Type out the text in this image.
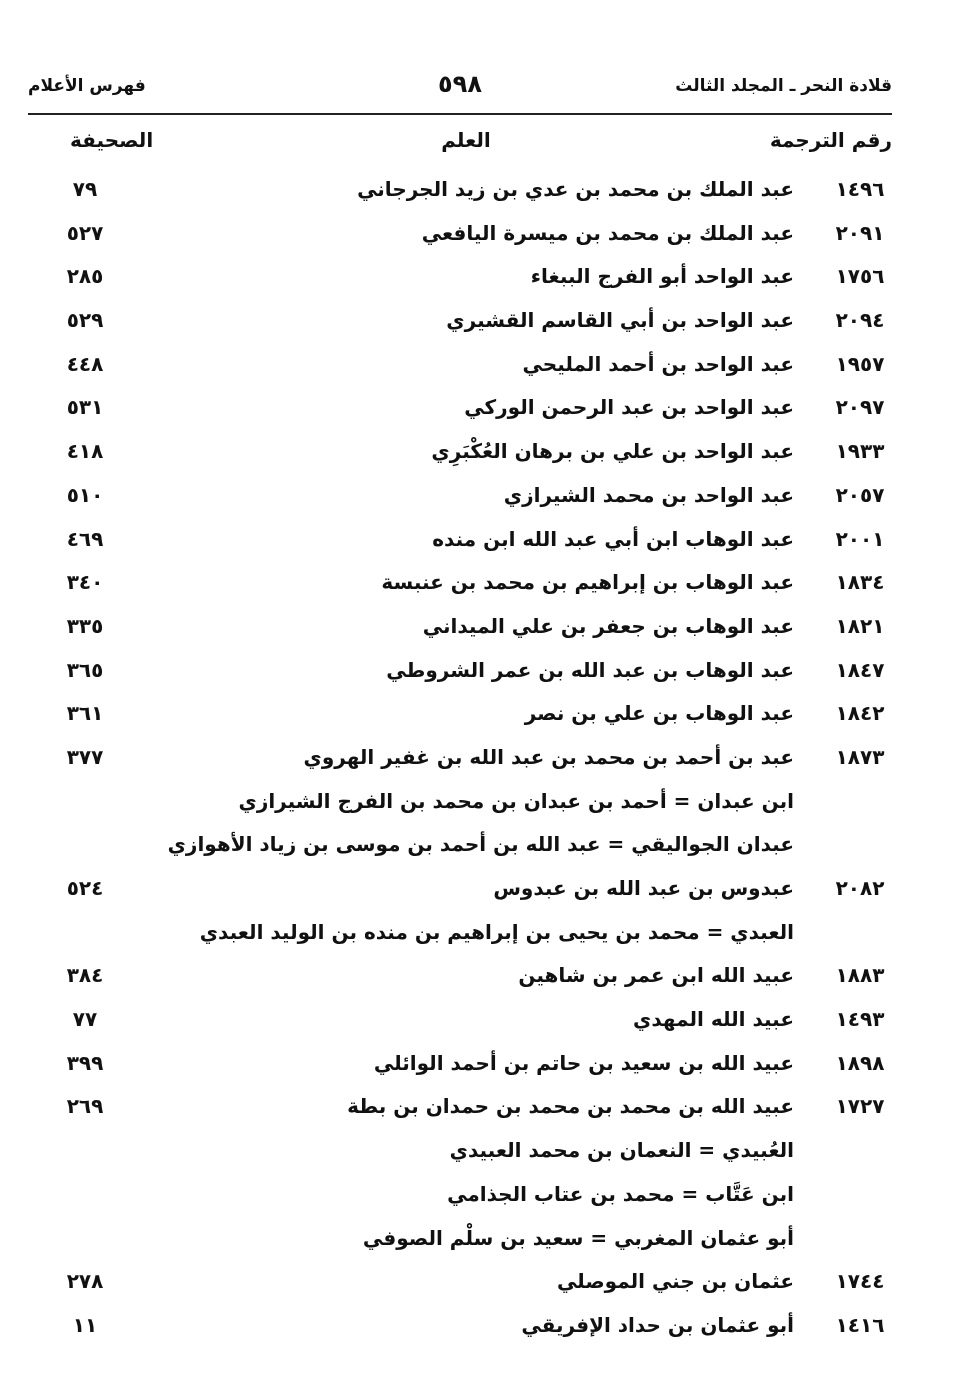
قلادة النحر ـ المجلد الثالث
٥٩٨
فهرس الأعلام
رقم الترجمة
العلم
الصحيفة
١٤٩٦
عبد الملك بن محمد بن عدي بن زيد الجرجاني
٧٩
٢٠٩١
عبد الملك بن محمد بن ميسرة اليافعي
٥٢٧
١٧٥٦
عبد الواحد أبو الفرج الببغاء
٢٨٥
٢٠٩٤
عبد الواحد بن أبي القاسم القشيري
٥٢٩
١٩٥٧
عبد الواحد بن أحمد المليحي
٤٤٨
٢٠٩٧
عبد الواحد بن عبد الرحمن الوركي
٥٣١
١٩٣٣
عبد الواحد بن علي بن برهان العُكْبَرِي
٤١٨
٢٠٥٧
عبد الواحد بن محمد الشيرازي
٥١٠
٢٠٠١
عبد الوهاب ابن أبي عبد الله ابن منده
٤٦٩
١٨٣٤
عبد الوهاب بن إبراهيم بن محمد بن عنبسة
٣٤٠
١٨٢١
عبد الوهاب بن جعفر بن علي الميداني
٣٣٥
١٨٤٧
عبد الوهاب بن عبد الله بن عمر الشروطي
٣٦٥
١٨٤٢
عبد الوهاب بن علي بن نصر
٣٦١
١٨٧٣
عبد بن أحمد بن محمد بن عبد الله بن غفير الهروي
٣٧٧
ابن عبدان = أحمد بن عبدان بن محمد بن الفرج الشيرازي
عبدان الجواليقي = عبد الله بن أحمد بن موسى بن زياد الأهوازي
٢٠٨٢
عبدوس بن عبد الله بن عبدوس
٥٢٤
العبدي = محمد بن يحيى بن إبراهيم بن منده بن الوليد العبدي
١٨٨٣
عبيد الله ابن عمر بن شاهين
٣٨٤
١٤٩٣
عبيد الله المهدي
٧٧
١٨٩٨
عبيد الله بن سعيد بن حاتم بن أحمد الوائلي
٣٩٩
١٧٢٧
عبيد الله بن محمد بن محمد بن حمدان بن بطة
٢٦٩
العُبيدي = النعمان بن محمد العبيدي
ابن عَتَّاب = محمد بن عتاب الجذامي
أبو عثمان المغربي = سعيد بن سلْم الصوفي
١٧٤٤
عثمان بن جني الموصلي
٢٧٨
١٤١٦
أبو عثمان بن حداد الإفريقي
١١
